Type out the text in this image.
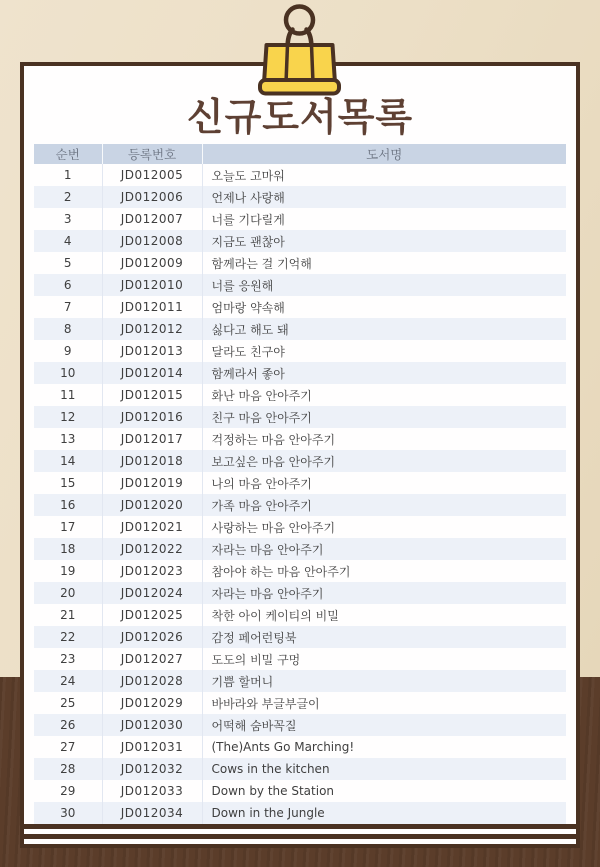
신규도서목록
순번	등록번호	도서명
1	JD012005	오늘도 고마워
2	JD012006	언제나 사랑해
3	JD012007	너를 기다릴게
4	JD012008	지금도 괜찮아
5	JD012009	함께라는 걸 기억해
6	JD012010	너를 응원해
7	JD012011	엄마랑 약속해
8	JD012012	싫다고 해도 돼
9	JD012013	달라도 친구야
10	JD012014	함께라서 좋아
11	JD012015	화난 마음 안아주기
12	JD012016	친구 마음 안아주기
13	JD012017	걱정하는 마음 안아주기
14	JD012018	보고싶은 마음 안아주기
15	JD012019	나의 마음 안아주기
16	JD012020	가족 마음 안아주기
17	JD012021	사랑하는 마음 안아주기
18	JD012022	자라는 마음 안아주기
19	JD012023	참아야 하는 마음 안아주기
20	JD012024	자라는 마음 안아주기
21	JD012025	착한 아이 케이티의 비밀
22	JD012026	감정 페어런팅북
23	JD012027	도도의 비밀 구멍
24	JD012028	기쁨 할머니
25	JD012029	바바라와 부글부글이
26	JD012030	어떡해 숨바꼭질
27	JD012031	(The)Ants Go Marching!
28	JD012032	Cows in the kitchen
29	JD012033	Down by the Station
30	JD012034	Down in the Jungle
